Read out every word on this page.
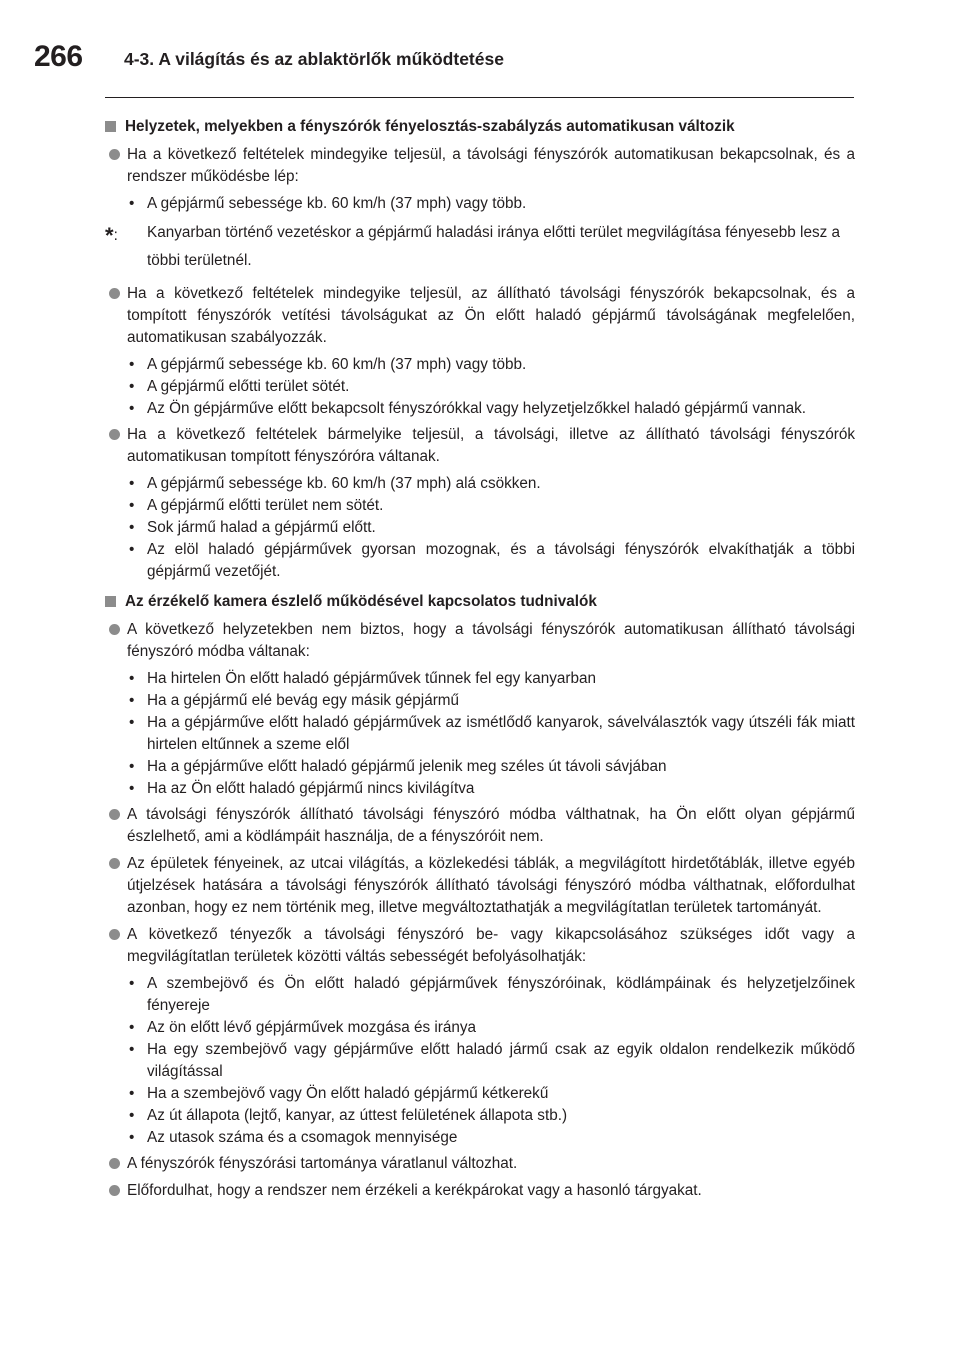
266 4-3. A világítás és az ablaktörlők működtetése
Helyzetek, melyekben a fényszórók fényelosztás-szabályzás automatikusan változik
Ha a következő feltételek mindegyike teljesül, a távolsági fényszórók automatikusan bekapcsolnak, és a rendszer működésbe lép:
• A gépjármű sebessége kb. 60 km/h (37 mph) vagy több.
*: Kanyarban történő vezetéskor a gépjármű haladási iránya előtti terület megvilágítása fényesebb lesz a többi területnél.
Ha a következő feltételek mindegyike teljesül, az állítható távolsági fényszórók bekapcsolnak, és a tompított fényszórók vetítési távolságukat az Ön előtt haladó gépjármű távolságának megfelelően, automatikusan szabályozzák.
• A gépjármű sebessége kb. 60 km/h (37 mph) vagy több.
• A gépjármű előtti terület sötét.
• Az Ön gépjárműve előtt bekapcsolt fényszórókkal vagy helyzetjelzőkkel haladó gépjármű vannak.
Ha a következő feltételek bármelyike teljesül, a távolsági, illetve az állítható távolsági fényszórók automatikusan tompított fényszóróra váltanak.
• A gépjármű sebessége kb. 60 km/h (37 mph) alá csökken.
• A gépjármű előtti terület nem sötét.
• Sok jármű halad a gépjármű előtt.
• Az elöl haladó gépjárművek gyorsan mozognak, és a távolsági fényszórók elvakíthatják a többi gépjármű vezetőjét.
Az érzékelő kamera észlelő működésével kapcsolatos tudnivalók
A következő helyzetekben nem biztos, hogy a távolsági fényszórók automatikusan állítható távolsági fényszóró módba váltanak:
• Ha hirtelen Ön előtt haladó gépjárművek tűnnek fel egy kanyarban
• Ha a gépjármű elé bevág egy másik gépjármű
• Ha a gépjárműve előtt haladó gépjárművek az ismétlődő kanyarok, sávelválasztók vagy útszéli fák miatt hirtelen eltűnnek a szeme elől
• Ha a gépjárműve előtt haladó gépjármű jelenik meg széles út távoli sávjában
• Ha az Ön előtt haladó gépjármű nincs kivilágítva
A távolsági fényszórók állítható távolsági fényszóró módba válthatnak, ha Ön előtt olyan gépjármű észlelhető, ami a ködlámpáit használja, de a fényszóróit nem.
Az épületek fényeinek, az utcai világítás, a közlekedési táblák, a megvilágított hirdetőtáblák, illetve egyéb útjelzések hatására a távolsági fényszórók állítható távolsági fényszóró módba válthatnak, előfordulhat azonban, hogy ez nem történik meg, illetve megváltoztathatják a megvilágítatlan területek tartományát.
A következő tényezők a távolsági fényszóró be- vagy kikapcsolásához szükséges időt vagy a megvilágítatlan területek közötti váltás sebességét befolyásolhatják:
• A szembejövő és Ön előtt haladó gépjárművek fényszóróinak, ködlámpáinak és helyzetjelzőinek fényereje
• Az ön előtt lévő gépjárművek mozgása és iránya
• Ha egy szembejövő vagy gépjárműve előtt haladó jármű csak az egyik oldalon rendelkezik működő világítással
• Ha a szembejövő vagy Ön előtt haladó gépjármű kétkerekű
• Az út állapota (lejtő, kanyar, az úttest felületének állapota stb.)
• Az utasok száma és a csomagok mennyisége
A fényszórók fényszórási tartománya váratlanul változhat.
Előfordulhat, hogy a rendszer nem érzékeli a kerékpárokat vagy a hasonló tárgyakat.
